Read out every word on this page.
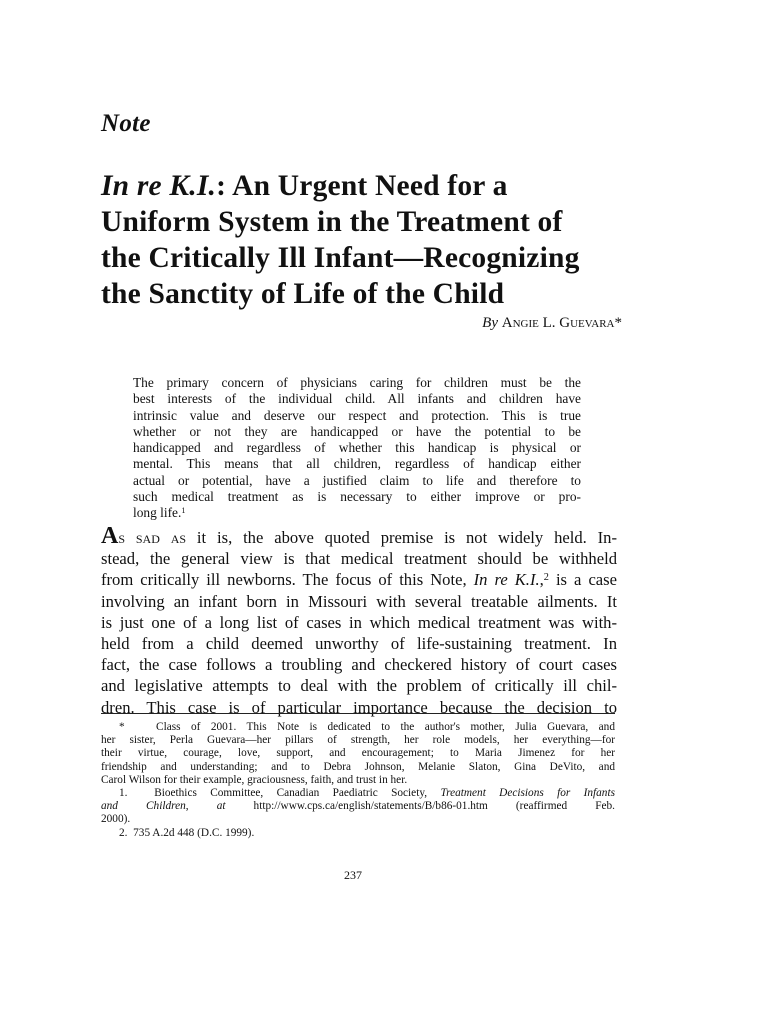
Note
In re K.I.: An Urgent Need for a
Uniform System in the Treatment of
the Critically Ill Infant—Recognizing
the Sanctity of Life of the Child
By Angie L. Guevara*
The primary concern of physicians caring for children must be the
best interests of the individual child. All infants and children have
intrinsic value and deserve our respect and protection. This is true
whether or not they are handicapped or have the potential to be
handicapped and regardless of whether this handicap is physical or
mental. This means that all children, regardless of handicap either
actual or potential, have a justified claim to life and therefore to
such medical treatment as is necessary to either improve or pro-
long life.$^1$
As sad as it is, the above quoted premise is not widely held. In-
stead, the general view is that medical treatment should be withheld
from critically ill newborns. The focus of this Note, In re K.I.,$^2$ is a case
involving an infant born in Missouri with several treatable ailments. It
is just one of a long list of cases in which medical treatment was with-
held from a child deemed unworthy of life-sustaining treatment. In
fact, the case follows a troubling and checkered history of court cases
and legislative attempts to deal with the problem of critically ill chil-
dren. This case is of particular importance because the decision to
*	Class of 2001. This Note is dedicated to the author's mother, Julia Guevara, and
her sister, Perla Guevara—her pillars of strength, her role models, her everything—for
their virtue, courage, love, support, and encouragement; to Maria Jimenez for her
friendship and understanding; and to Debra Johnson, Melanie Slaton, Gina DeVito, and
Carol Wilson for their example, graciousness, faith, and trust in her.
1. Bioethics Committee, Canadian Paediatric Society, Treatment Decisions for Infants
and Children, at http://www.cps.ca/english/statements/B/b86-01.htm (reaffirmed Feb.
2000).
2. 735 A.2d 448 (D.C. 1999).
237
